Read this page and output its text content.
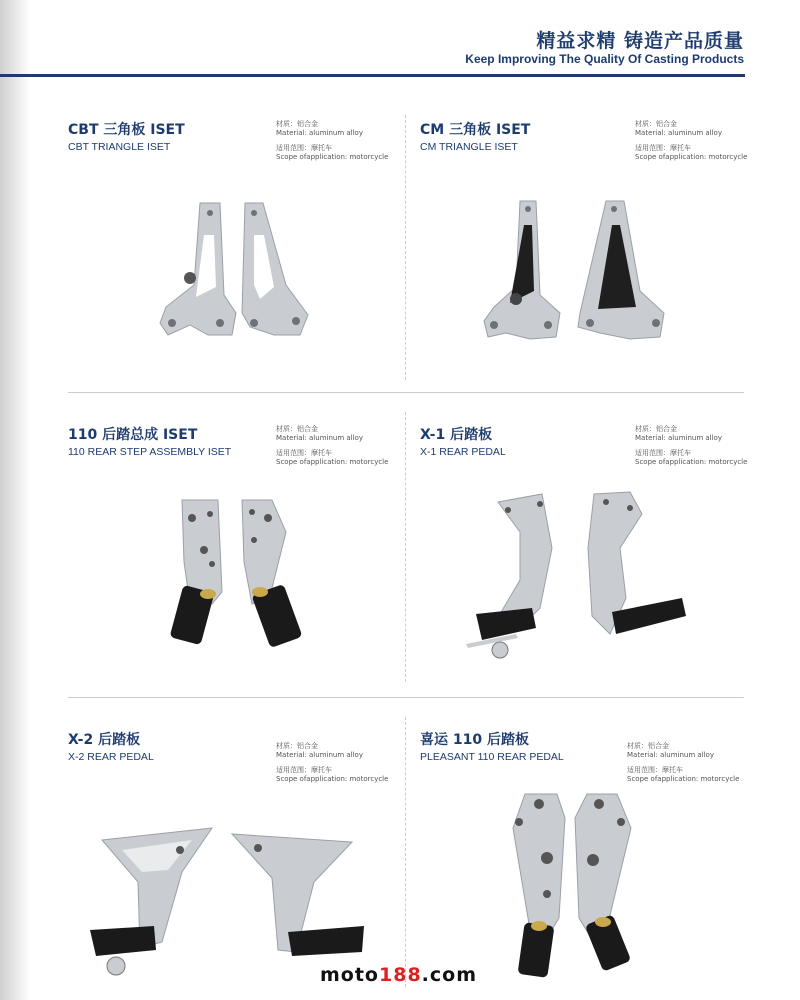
精益求精 铸造产品质量
Keep Improving The Quality Of Casting Products
CBT 三角板 ISET
CBT TRIANGLE ISET
材质：铝合金
Material: aluminum alloy
适用范围：摩托车
Scope ofapplication: motorcycle
CM 三角板 ISET
CM TRIANGLE ISET
材质：铝合金
Material: aluminum alloy
适用范围：摩托车
Scope ofapplication: motorcycle
110 后踏总成 ISET
110 REAR STEP ASSEMBLY ISET
材质：铝合金
Material: aluminum alloy
适用范围：摩托车
Scope ofapplication: motorcycle
X-1 后踏板
X-1 REAR PEDAL
材质：铝合金
Material: aluminum alloy
适用范围：摩托车
Scope ofapplication: motorcycle
X-2 后踏板
X-2 REAR PEDAL
材质：铝合金
Material: aluminum alloy
适用范围：摩托车
Scope ofapplication: motorcycle
喜运 110 后踏板
PLEASANT 110 REAR PEDAL
材质：铝合金
Material: aluminum alloy
适用范围：摩托车
Scope ofapplication: motorcycle
moto188.com
